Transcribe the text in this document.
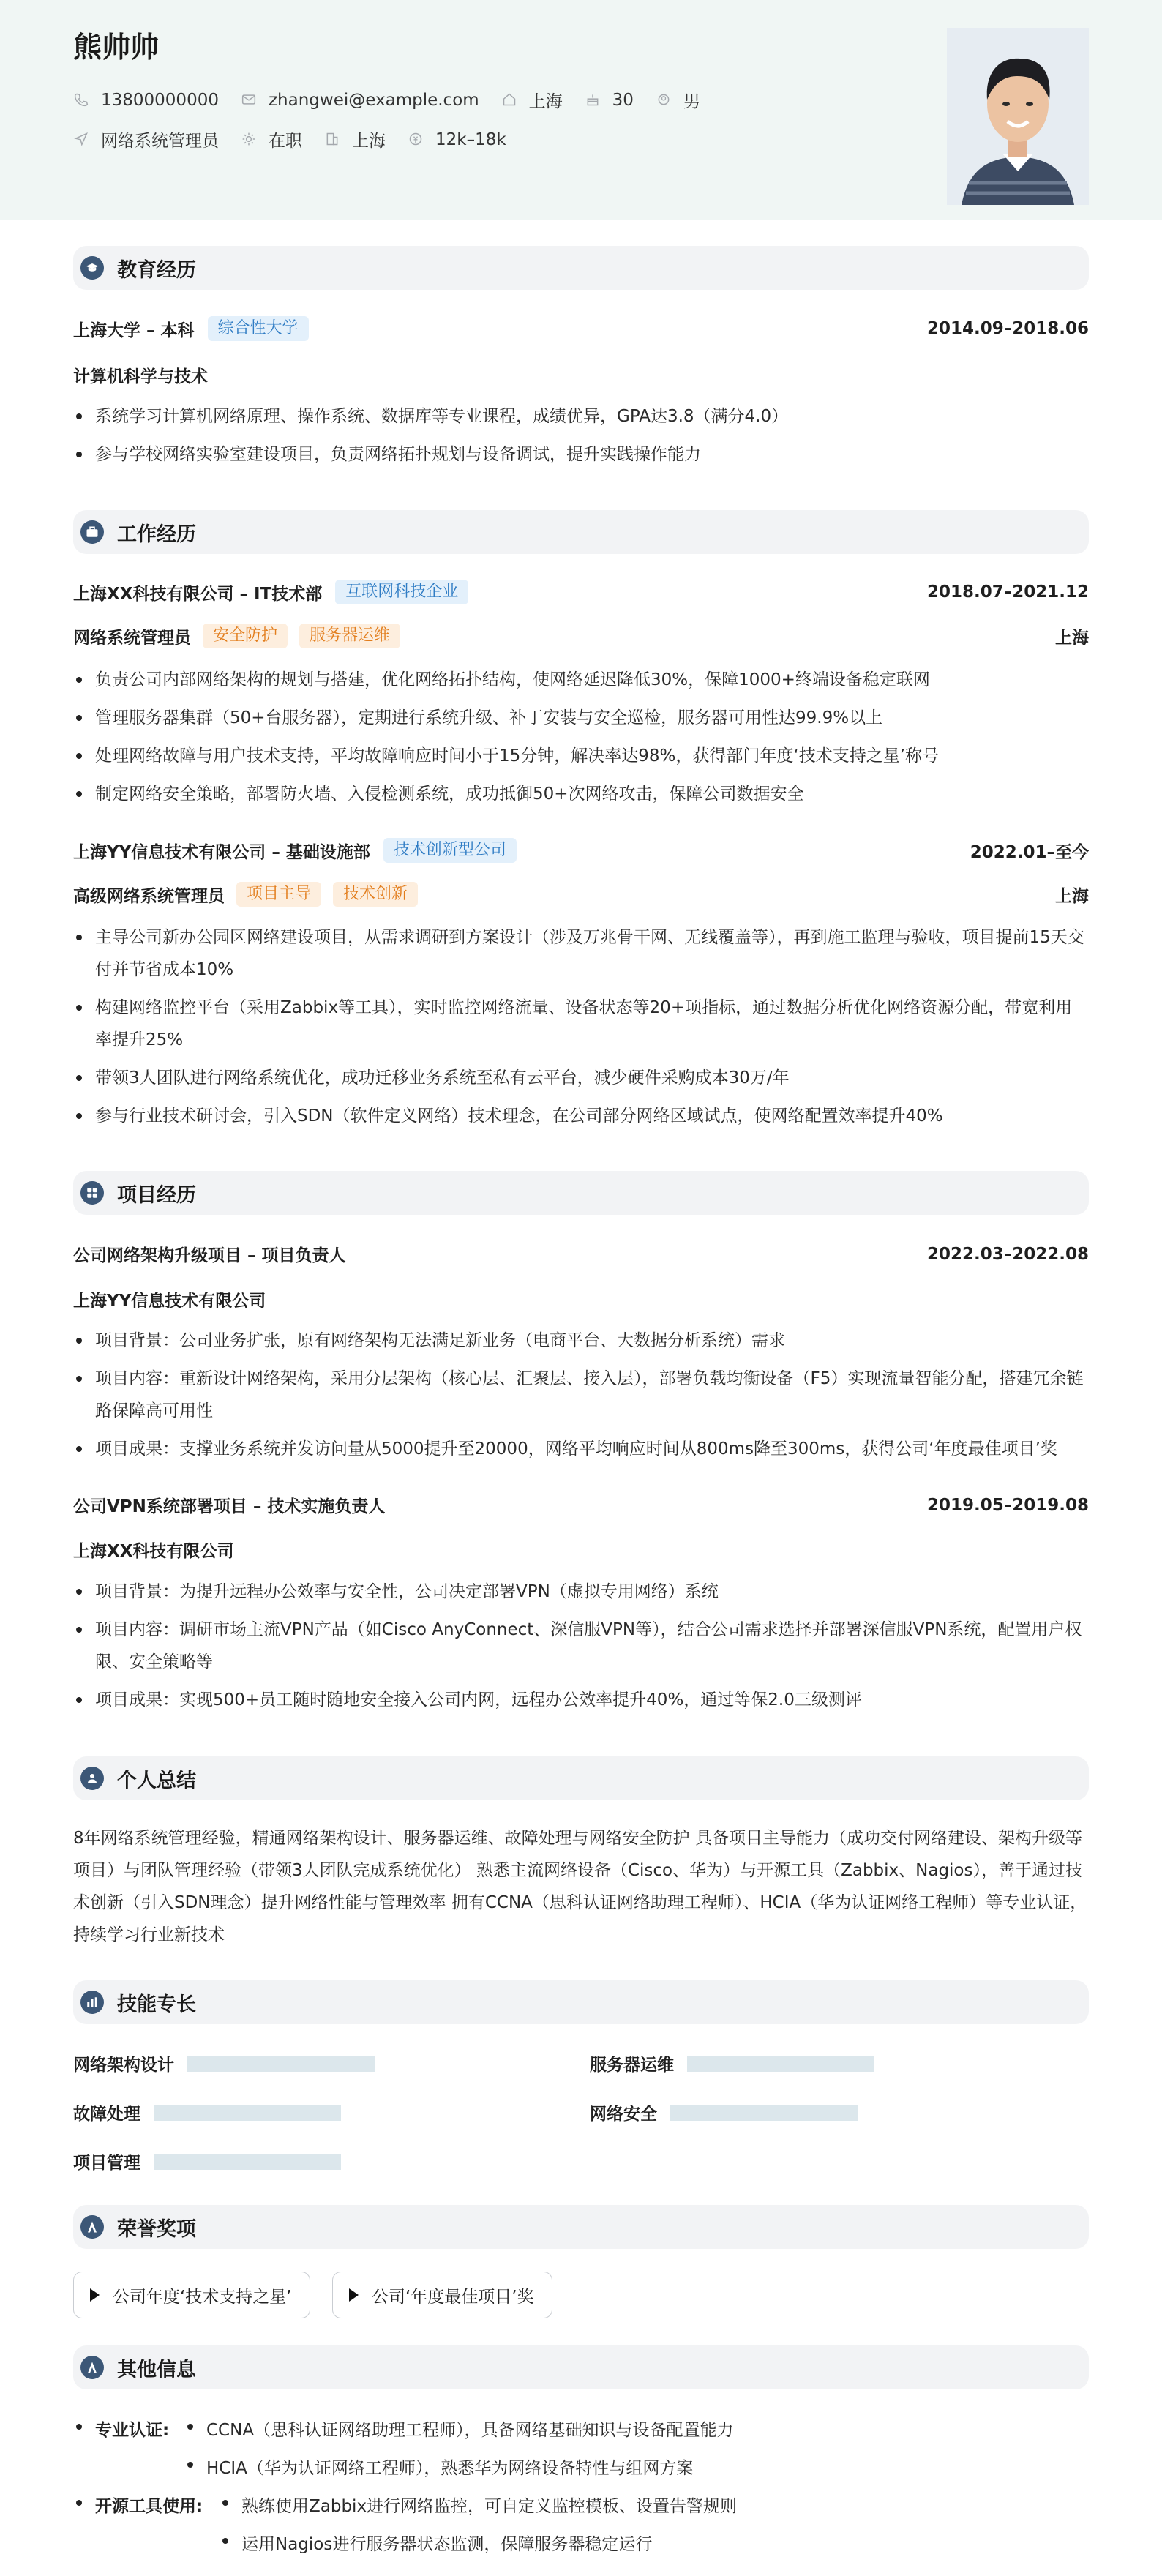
熊帅帅
13800000000	zhangwei@example.com	上海	30	男
网络系统管理员	在职	上海	12k–18k
教育经历
上海大学 – 本科	综合性大学	2014.09–2018.06
计算机科学与技术
系统学习计算机网络原理、操作系统、数据库等专业课程，成绩优异，GPA达3.8（满分4.0）
参与学校网络实验室建设项目，负责网络拓扑规划与设备调试，提升实践操作能力
工作经历
上海XX科技有限公司 – IT技术部	互联网科技企业	2018.07–2021.12
网络系统管理员	安全防护	服务器运维	上海
负责公司内部网络架构的规划与搭建，优化网络拓扑结构，使网络延迟降低30%，保障1000+终端设备稳定联网
管理服务器集群（50+台服务器），定期进行系统升级、补丁安装与安全巡检，服务器可用性达99.9%以上
处理网络故障与用户技术支持，平均故障响应时间小于15分钟，解决率达98%，获得部门年度‘技术支持之星’称号
制定网络安全策略，部署防火墙、入侵检测系统，成功抵御50+次网络攻击，保障公司数据安全
上海YY信息技术有限公司 – 基础设施部	技术创新型公司	2022.01–至今
高级网络系统管理员	项目主导	技术创新	上海
主导公司新办公园区网络建设项目，从需求调研到方案设计（涉及万兆骨干网、无线覆盖等），再到施工监理与验收，项目提前15天交付并节省成本10%
构建网络监控平台（采用Zabbix等工具），实时监控网络流量、设备状态等20+项指标，通过数据分析优化网络资源分配，带宽利用率提升25%
带领3人团队进行网络系统优化，成功迁移业务系统至私有云平台，减少硬件采购成本30万/年
参与行业技术研讨会，引入SDN（软件定义网络）技术理念，在公司部分网络区域试点，使网络配置效率提升40%
项目经历
公司网络架构升级项目 – 项目负责人	2022.03–2022.08
上海YY信息技术有限公司
项目背景：公司业务扩张，原有网络架构无法满足新业务（电商平台、大数据分析系统）需求
项目内容：重新设计网络架构，采用分层架构（核心层、汇聚层、接入层），部署负载均衡设备（F5）实现流量智能分配，搭建冗余链路保障高可用性
项目成果：支撑业务系统并发访问量从5000提升至20000，网络平均响应时间从800ms降至300ms，获得公司‘年度最佳项目’奖
公司VPN系统部署项目 – 技术实施负责人	2019.05–2019.08
上海XX科技有限公司
项目背景：为提升远程办公效率与安全性，公司决定部署VPN（虚拟专用网络）系统
项目内容：调研市场主流VPN产品（如Cisco AnyConnect、深信服VPN等），结合公司需求选择并部署深信服VPN系统，配置用户权限、安全策略等
项目成果：实现500+员工随时随地安全接入公司内网，远程办公效率提升40%，通过等保2.0三级测评
个人总结
8年网络系统管理经验，精通网络架构设计、服务器运维、故障处理与网络安全防护 具备项目主导能力（成功交付网络建设、架构升级等项目）与团队管理经验（带领3人团队完成系统优化） 熟悉主流网络设备（Cisco、华为）与开源工具（Zabbix、Nagios），善于通过技术创新（引入SDN理念）提升网络性能与管理效率 拥有CCNA（思科认证网络助理工程师）、HCIA（华为认证网络工程师）等专业认证，持续学习行业新技术
技能专长
网络架构设计	服务器运维
故障处理	网络安全
项目管理
荣誉奖项
公司年度‘技术支持之星’	公司‘年度最佳项目’奖
其他信息
专业认证:	CCNA（思科认证网络助理工程师），具备网络基础知识与设备配置能力
HCIA（华为认证网络工程师），熟悉华为网络设备特性与组网方案
开源工具使用:	熟练使用Zabbix进行网络监控，可自定义监控模板、设置告警规则
运用Nagios进行服务器状态监测，保障服务器稳定运行
